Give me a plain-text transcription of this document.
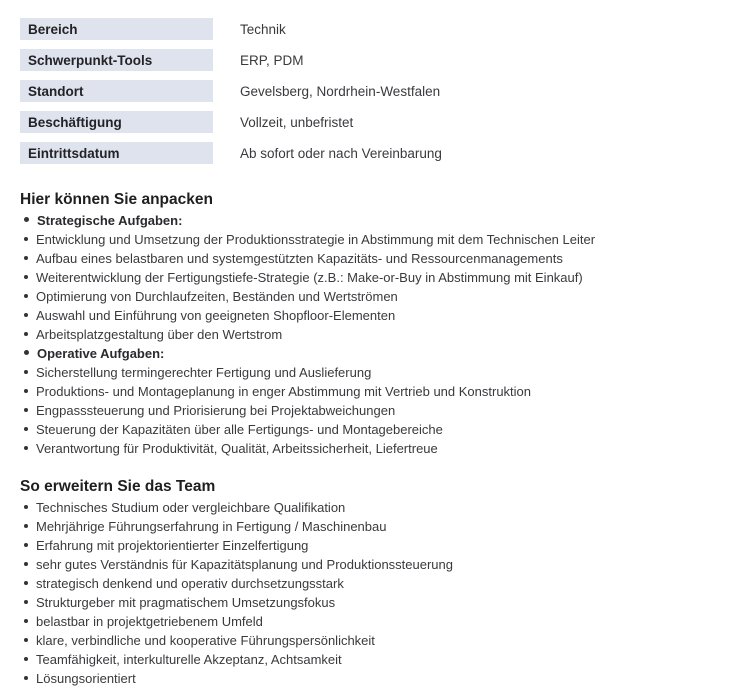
Bereich	Technik
Schwerpunkt-Tools	ERP, PDM
Standort	Gevelsberg, Nordrhein-Westfalen
Beschäftigung	Vollzeit, unbefristet
Eintrittsdatum	Ab sofort oder nach Vereinbarung
Hier können Sie anpacken
Strategische Aufgaben:
Entwicklung und Umsetzung der Produktionsstrategie in Abstimmung mit dem Technischen Leiter
Aufbau eines belastbaren und systemgestützten Kapazitäts- und Ressourcenmanagements
Weiterentwicklung der Fertigungstiefe-Strategie (z.B.: Make-or-Buy in Abstimmung mit Einkauf)
Optimierung von Durchlaufzeiten, Beständen und Wertströmen
Auswahl und Einführung von geeigneten Shopfloor-Elementen
Arbeitsplatzgestaltung über den Wertstrom
Operative Aufgaben:
Sicherstellung termingerechter Fertigung und Auslieferung
Produktions- und Montageplanung in enger Abstimmung mit Vertrieb und Konstruktion
Engpasssteuerung und Priorisierung bei Projektabweichungen
Steuerung der Kapazitäten über alle Fertigungs- und Montagebereiche
Verantwortung für Produktivität, Qualität, Arbeitssicherheit, Liefertreue
So erweitern Sie das Team
Technisches Studium oder vergleichbare Qualifikation
Mehrjährige Führungserfahrung in Fertigung / Maschinenbau
Erfahrung mit projektorientierter Einzelfertigung
sehr gutes Verständnis für Kapazitätsplanung und Produktionssteuerung
strategisch denkend und operativ durchsetzungsstark
Strukturgeber mit pragmatischem Umsetzungsfokus
belastbar in projektgetriebenem Umfeld
klare, verbindliche und kooperative Führungspersönlichkeit
Teamfähigkeit, interkulturelle Akzeptanz, Achtsamkeit
Lösungsorientiert
